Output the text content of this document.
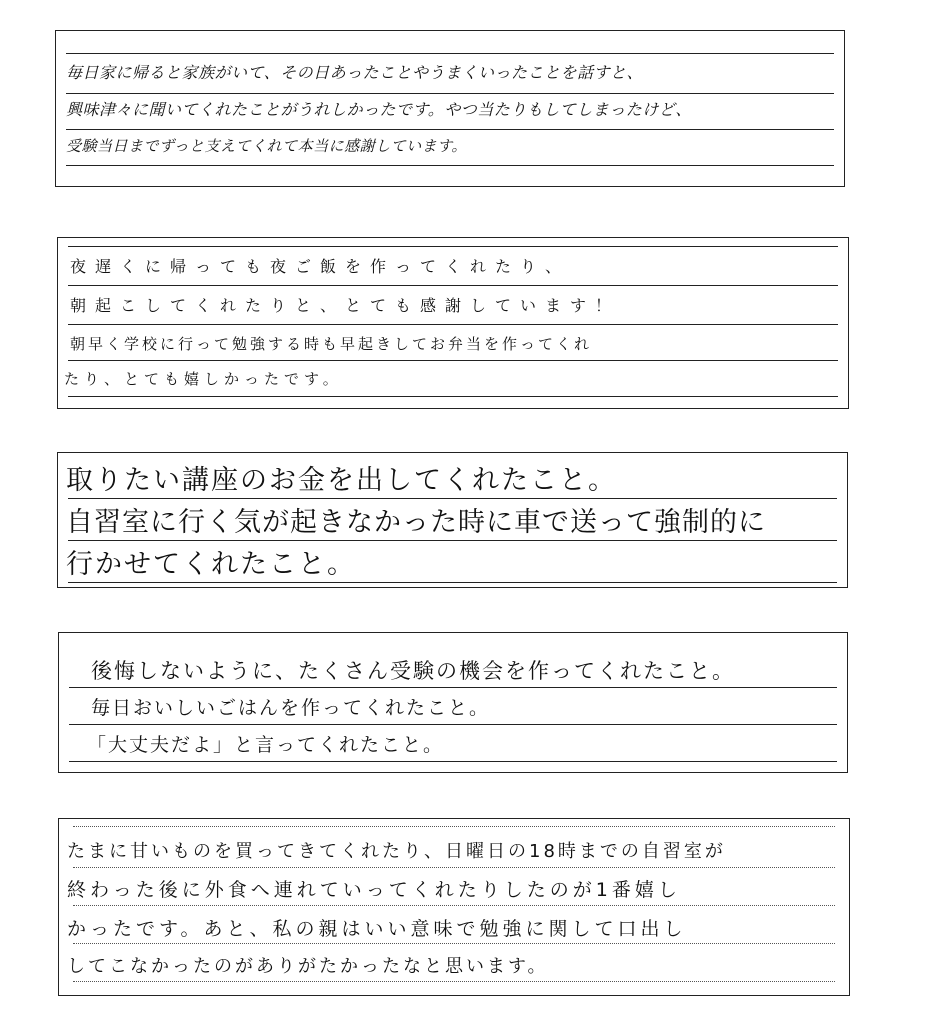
毎日家に帰ると家族がいて、その日あったことやうまくいったことを話すと、
興味津々に聞いてくれたことがうれしかったです。やつ当たりもしてしまったけど、
受験当日までずっと支えてくれて本当に感謝しています。
夜遅くに帰っても夜ご飯を作ってくれたり、
朝起こしてくれたりと、とても感謝しています！
朝早く学校に行って勉強する時も早起きしてお弁当を作ってくれ
たり、とても嬉しかったです。
取りたい講座のお金を出してくれたこと。
自習室に行く気が起きなかった時に車で送って強制的に
行かせてくれたこと。
後悔しないように、たくさん受験の機会を作ってくれたこと。
毎日おいしいごはんを作ってくれたこと。
「大丈夫だよ」と言ってくれたこと。
たまに甘いものを買ってきてくれたり、日曜日の18時までの自習室が
終わった後に外食へ連れていってくれたりしたのが1番嬉し
かったです。あと、私の親はいい意味で勉強に関して口出し
してこなかったのがありがたかったなと思います。
